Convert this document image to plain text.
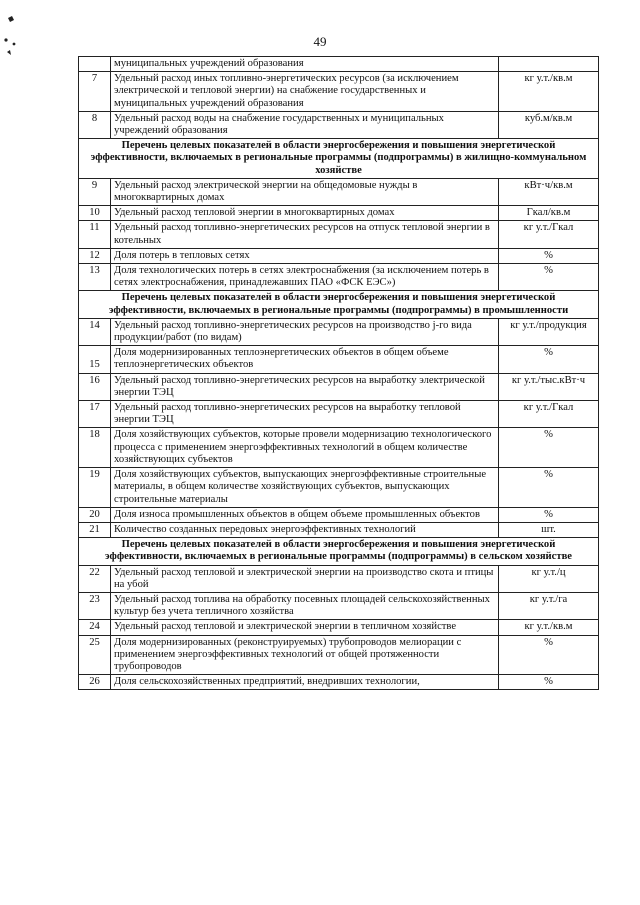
49
	муниципальных учреждений образования	
7	Удельный расход иных топливно-энергетических ресурсов (за исключением электрической и тепловой энергии) на снабжение государственных и муниципальных учреждений образования	кг у.т./кв.м
8	Удельный расход воды на снабжение государственных и муниципальных учреждений образования	куб.м/кв.м
Перечень целевых показателей в области энергосбережения и повышения энергетической эффективности, включаемых в региональные программы (подпрограммы) в жилищно-коммунальном хозяйстве		
9	Удельный расход электрической энергии на общедомовые нужды в многоквартирных домах	кВт·ч/кв.м
10	Удельный расход тепловой энергии в многоквартирных домах	Гкал/кв.м
11	Удельный расход топливно-энергетических ресурсов на отпуск тепловой энергии в котельных	кг у.т./Гкал
12	Доля потерь в тепловых сетях	%
13	Доля технологических потерь в сетях электроснабжения (за исключением потерь в сетях электроснабжения, принадлежавших ПАО «ФСК ЕЭС»)	%
Перечень целевых показателей в области энергосбережения и повышения энергетической эффективности, включаемых в региональные программы (подпрограммы) в промышленности		
14	Удельный расход топливно-энергетических ресурсов на производство j-го вида продукции/работ (по видам)	кг у.т./продукция
15	Доля модернизированных теплоэнергетических объектов в общем объеме теплоэнергетических объектов	%
16	Удельный расход топливно-энергетических ресурсов на выработку электрической энергии ТЭЦ	кг у.т./тыс.кВт·ч
17	Удельный расход топливно-энергетических ресурсов на выработку тепловой энергии ТЭЦ	кг у.т./Гкал
18	Доля хозяйствующих субъектов, которые провели модернизацию технологического процесса с применением энергоэффективных технологий в общем количестве хозяйствующих субъектов	%
19	Доля хозяйствующих субъектов, выпускающих энергоэффективные строительные материалы, в общем количестве хозяйствующих субъектов, выпускающих строительные материалы	%
20	Доля износа промышленных объектов в общем объеме промышленных объектов	%
21	Количество созданных передовых энергоэффективных технологий	шт.
Перечень целевых показателей в области энергосбережения и повышения энергетической эффективности, включаемых в региональные программы (подпрограммы) в сельском хозяйстве		
22	Удельный расход тепловой и электрической энергии на производство скота и птицы на убой	кг у.т./ц
23	Удельный расход топлива на обработку посевных площадей сельскохозяйственных культур без учета тепличного хозяйства	кг у.т./га
24	Удельный расход тепловой и электрической энергии в тепличном хозяйстве	кг у.т./кв.м
25	Доля модернизированных (реконструируемых) трубопроводов мелиорации с применением энергоэффективных технологий от общей протяженности трубопроводов	%
26	Доля сельскохозяйственных предприятий, внедривших технологии,	%
